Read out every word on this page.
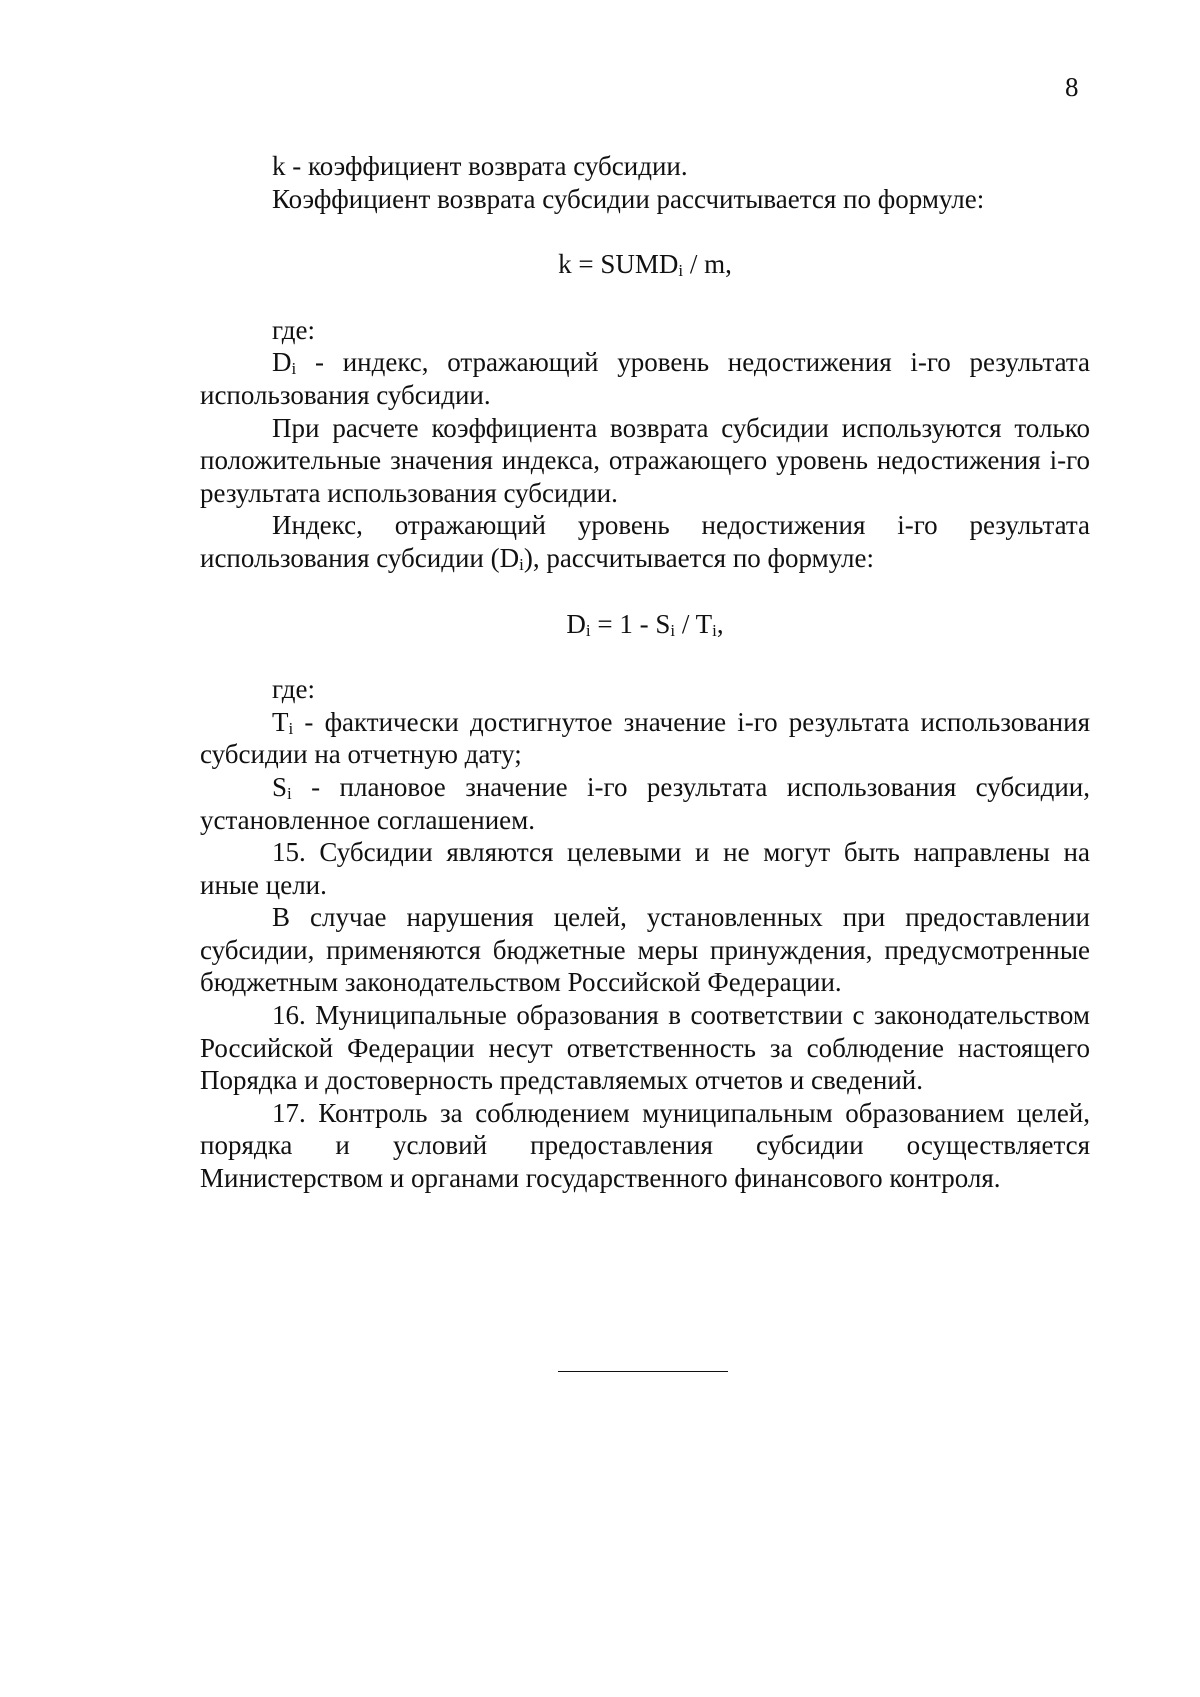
8

k - коэффициент возврата субсидии.

Коэффициент возврата субсидии рассчитывается по формуле:

$k = SUMD_i / m$,

где:

$D_i$ - индекс, отражающий уровень недостижения i-го результата использования субсидии.

При расчете коэффициента возврата субсидии используются только положительные значения индекса, отражающего уровень недостижения i-го результата использования субсидии.

Индекс, отражающий уровень недостижения i-го результата использования субсидии $(D_i)$, рассчитывается по формуле:

$D_i = 1 - S_i / T_i$,

где:

$T_i$ - фактически достигнутое значение i-го результата использования субсидии на отчетную дату;

$S_i$ - плановое значение i-го результата использования субсидии, установленное соглашением.

15. Субсидии являются целевыми и не могут быть направлены на иные цели.

В случае нарушения целей, установленных при предоставлении субсидии, применяются бюджетные меры принуждения, предусмотренные бюджетным законодательством Российской Федерации.

16. Муниципальные образования в соответствии с законодательством Российской Федерации несут ответственность за соблюдение настоящего Порядка и достоверность представляемых отчетов и сведений.

17. Контроль за соблюдением муниципальным образованием целей, порядка и условий предоставления субсидии осуществляется Министерством и органами государственного финансового контроля.
